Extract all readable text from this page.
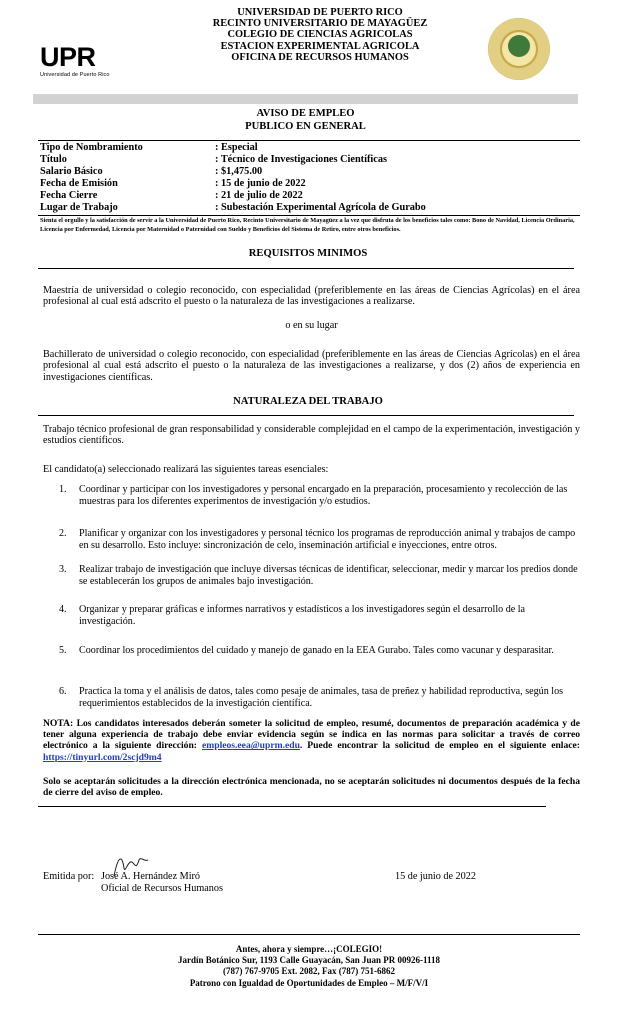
UPR
Universidad de Puerto Rico
UNIVERSIDAD DE PUERTO RICO
RECINTO UNIVERSITARIO DE MAYAGÜEZ
COLEGIO DE CIENCIAS AGRICOLAS
ESTACION EXPERIMENTAL AGRICOLA
OFICINA DE RECURSOS HUMANOS
AVISO DE EMPLEO
PUBLICO EN GENERAL
Tipo de Nombramiento	: Especial
Título	: Técnico de Investigaciones Científicas
Salario Básico	: $1,475.00
Fecha de Emisión	: 15 de junio de 2022
Fecha Cierre	: 21 de julio de 2022
Lugar de Trabajo	: Subestación Experimental Agrícola de Gurabo
Sienta el orgullo y la satisfacción de servir a la Universidad de Puerto Rico, Recinto Universitario de Mayagüez a la vez que disfruta de los beneficios tales como: Bono de Navidad, Licencia Ordinaria, Licencia por Enfermedad, Licencia por Maternidad o Paternidad con Sueldo y Beneficios del Sistema de Retiro, entre otros beneficios.
REQUISITOS MINIMOS
Maestría de universidad o colegio reconocido, con especialidad (preferiblemente en las áreas de Ciencias Agrícolas) en el área profesional al cual está adscrito el puesto o la naturaleza de las investigaciones a realizarse.
o en su lugar
Bachillerato de universidad o colegio reconocido, con especialidad (preferiblemente en las áreas de Ciencias Agrícolas) en el área profesional al cual está adscrito el puesto o la naturaleza de las investigaciones a realizarse, y dos (2) años de experiencia en investigaciones científicas.
NATURALEZA DEL TRABAJO
Trabajo técnico profesional de gran responsabilidad y considerable complejidad en el campo de la experimentación, investigación y estudios científicos.
El candidato(a) seleccionado realizará las siguientes tareas esenciales:
1.	Coordinar y participar con los investigadores y personal encargado en la preparación, procesamiento y recolección de las muestras para los diferentes experimentos de investigación y/o estudios.
2.	Planificar y organizar con los investigadores y personal técnico los programas de reproducción animal y trabajos de campo en su desarrollo. Esto incluye: sincronización de celo, inseminación artificial e inyecciones, entre otros.
3.	Realizar trabajo de investigación que incluye diversas técnicas de identificar, seleccionar, medir y marcar los predios donde se establecerán los grupos de animales bajo investigación.
4.	Organizar y preparar gráficas e informes narrativos y estadísticos a los investigadores según el desarrollo de la investigación.
5.	Coordinar los procedimientos del cuidado y manejo de ganado en la EEA Gurabo. Tales como vacunar y desparasitar.
6.	Practica la toma y el análisis de datos, tales como pesaje de animales, tasa de preñez y habilidad reproductiva, según los requerimientos establecidos de la investigación científica.
NOTA: Los candidatos interesados deberán someter la solicitud de empleo, resumé, documentos de preparación académica y de tener alguna experiencia de trabajo debe enviar evidencia según se indica en las normas para solicitar a través de correo electrónico a la siguiente dirección: empleos.eea@uprm.edu. Puede encontrar la solicitud de empleo en el siguiente enlace: https://tinyurl.com/2scjd9m4
Solo se aceptarán solicitudes a la dirección electrónica mencionada, no se aceptarán solicitudes ni documentos después de la fecha de cierre del aviso de empleo.
Emitida por: José A. Hernández Miró
Oficial de Recursos Humanos
15 de junio de 2022
Antes, ahora y siempre…¡COLEGIO!
Jardín Botánico Sur, 1193 Calle Guayacán, San Juan PR 00926-1118
(787) 767-9705 Ext. 2082, Fax (787) 751-6862
Patrono con Igualdad de Oportunidades de Empleo – M/F/V/I
